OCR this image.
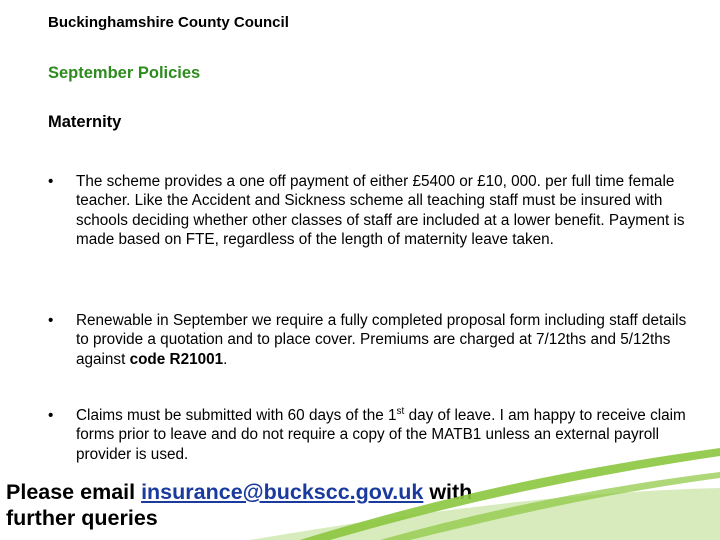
Buckinghamshire County Council
September Policies
Maternity
•	The scheme provides a one off payment of either £5400 or £10, 000. per full time female teacher. Like the Accident and Sickness scheme all teaching staff must be insured with schools deciding whether other classes of staff are included at a lower benefit. Payment is made based on FTE, regardless of the length of maternity leave taken.
•	Renewable in September we require a fully completed proposal form including staff details to provide a quotation and to place cover. Premiums are charged at 7/12ths and 5/12ths against code R21001.
•	Claims must be submitted with 60 days of the 1st day of leave. I am happy to receive claim forms prior to leave and do not require a copy of the MATB1 unless an external payroll provider is used.
Please email insurance@buckscc.gov.uk with
further queries
